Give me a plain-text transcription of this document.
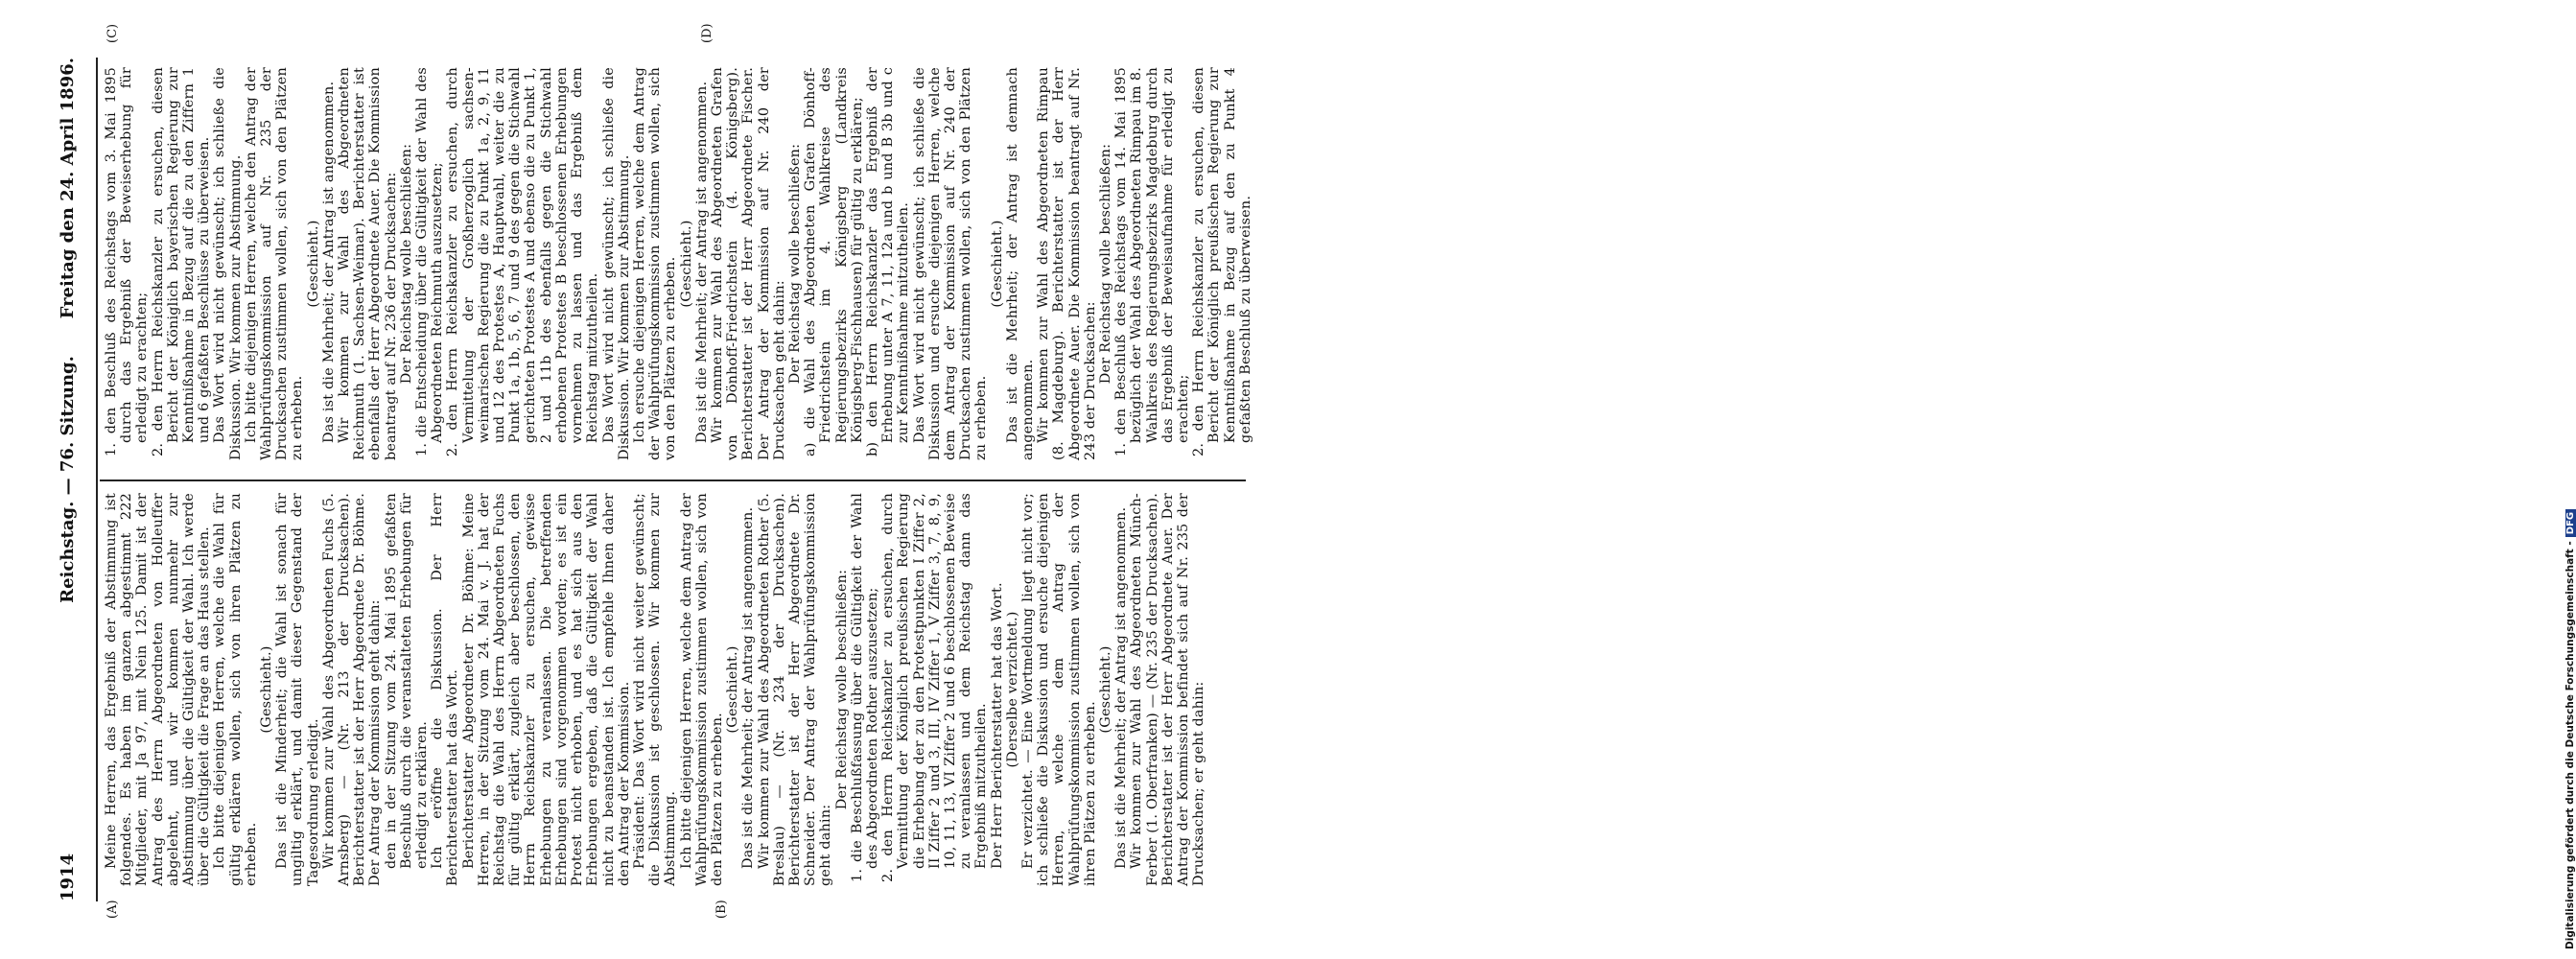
1914
Reichstag. — 76. Sitzung.
Freitag den 24. April 1896.
(A)	(B)
(C)	(D)

Meine Herren, das Ergebniß der Abstimmung ist folgendes. Es haben im ganzen abgestimmt 222 Mitglieder, mit Ja 97, mit Nein 125. Damit ist der Antrag des Herrn Abgeordneten von Holleuffer abgelehnt, und wir kommen nunmehr zur Abstimmung über die Gültigkeit der Wahl. Ich werde über die Gültigkeit die Frage an das Haus stellen. Ich bitte diejenigen Herren, welche die Wahl für gültig erklären wollen, sich von ihren Plätzen zu erheben.

(Geschieht.) Das ist die Minderheit; die Wahl ist sonach für ungiltig erklärt, und damit dieser Gegenstand der Tagesordnung erledigt. Wir kommen zur Wahl des Abgeordneten Fuchs (5. Arnsberg) — (Nr. 213 der Drucksachen). Berichterstatter ist der Herr Abgeordnete Dr. Böhme. Der Antrag der Kommission geht dahin: den in der Sitzung vom 24. Mai 1895 gefaßten Beschluß durch die veranstalteten Erhebungen für erledigt zu erklären. Ich eröffne die Diskussion. Der Herr Berichterstatter hat das Wort. Berichterstatter Abgeordneter Dr. Böhme: Meine Herren, in der Sitzung vom 24. Mai v. J. hat der Reichstag die Wahl des Herrn Abgeordneten Fuchs für gültig erklärt, zugleich aber beschlossen, den Herrn Reichskanzler zu ersuchen, gewisse Erhebungen zu veranlassen. Die betreffenden Erhebungen sind vorgenommen worden; es ist ein Protest nicht erhoben, und es hat sich aus den Erhebungen ergeben, daß die Gültigkeit der Wahl nicht zu beanstanden ist. Ich empfehle Ihnen daher den Antrag der Kommission. Präsident: Das Wort wird nicht weiter gewünscht; die Diskussion ist geschlossen. Wir kommen zur Abstimmung. Ich bitte diejenigen Herren, welche dem Antrag der Wahlprüfungskommission zustimmen wollen, sich von den Plätzen zu erheben.

(Geschieht.) Das ist die Mehrheit; der Antrag ist angenommen. Wir kommen zur Wahl des Abgeordneten Rother (5. Breslau) — (Nr. 234 der Drucksachen). Berichterstatter ist der Herr Abgeordnete Dr. Schneider. Der Antrag der Wahlprüfungskommission geht dahin:

Der Reichstag wolle beschließen: 1. die Beschlußfassung über die Gültigkeit der Wahl des Abgeordneten Rother auszusetzen; 2. den Herrn Reichskanzler zu ersuchen, durch Vermittlung der Königlich preußischen Regierung die Erhebung der zu den Protestpunkten I Ziffer 2, II Ziffer 2 und 3, III, IV Ziffer 1, V Ziffer 3, 7, 8, 9, 10, 11, 13, VI Ziffer 2 und 6 beschlossenen Beweise zu veranlassen und dem Reichstag dann das Ergebniß mitzutheilen. Der Herr Berichterstatter hat das Wort. (Derselbe verzichtet.) Er verzichtet. — Eine Wortmeldung liegt nicht vor; ich schließe die Diskussion und ersuche diejenigen Herren, welche dem Antrag der Wahlprüfungskommission zustimmen wollen, sich von ihren Plätzen zu erheben.

(Geschieht.) Das ist die Mehrheit; der Antrag ist angenommen. Wir kommen zur Wahl des Abgeordneten Münch-Ferber (1. Oberfranken) — (Nr. 235 der Drucksachen). Berichterstatter ist der Herr Abgeordnete Auer. Der Antrag der Kommission befindet sich auf Nr. 235 der Drucksachen; er geht dahin:

1. den Beschluß des Reichstags vom 3. Mai 1895 durch das Ergebniß der Beweiserhebung für erledigt zu erachten; 2. den Herrn Reichskanzler zu ersuchen, diesen Bericht der Königlich bayerischen Regierung zur Kenntnißnahme in Bezug auf die zu den Ziffern 1 und 6 gefaßten Beschlüsse zu überweisen. Das Wort wird nicht gewünscht; ich schließe die Diskussion. Wir kommen zur Abstimmung. Ich bitte diejenigen Herren, welche den Antrag der Wahlprüfungskommission auf Nr. 235 der Drucksachen zustimmen wollen, sich von den Plätzen zu erheben.

(Geschieht.) Das ist die Mehrheit; der Antrag ist angenommen. Wir kommen zur Wahl des Abgeordneten Reichmuth (1. Sachsen-Weimar). Berichterstatter ist ebenfalls der Herr Abgeordnete Auer. Die Kommission beantragt auf Nr. 236 der Drucksachen: Der Reichstag wolle beschließen: 1. die Entscheidung über die Gültigkeit der Wahl des Abgeordneten Reichmuth auszusetzen; 2. den Herrn Reichskanzler zu ersuchen, durch Vermittelung der Großherzoglich sachsen-weimarischen Regierung die zu Punkt 1a, 2, 9, 11 und 12 des Protestes A, Hauptwahl, weiter die zu Punkt 1a, 1b, 5, 6, 7 und 9 des gegen die Stichwahl gerichteten Protestes A und ebenso die zu Punkt 1, 2 und 11b des ebenfalls gegen die Stichwahl erhobenen Protestes B beschlossenen Erhebungen vornehmen zu lassen und das Ergebniß dem Reichstag mitzutheilen. Das Wort wird nicht gewünscht; ich schließe die Diskussion. Wir kommen zur Abstimmung. Ich ersuche diejenigen Herren, welche dem Antrag der Wahlprüfungskommission zustimmen wollen, sich von den Plätzen zu erheben. (Geschieht.) Das ist die Mehrheit; der Antrag ist angenommen. Wir kommen zur Wahl des Abgeordneten Grafen von Dönhoff-Friedrichstein (4. Königsberg). Berichterstatter ist der Herr Abgeordnete Fischer. Der Antrag der Kommission auf Nr. 240 der Drucksachen geht dahin: Der Reichstag wolle beschließen: a) die Wahl des Abgeordneten Grafen Dönhoff-Friedrichstein im 4. Wahlkreise des Regierungsbezirks Königsberg (Landkreis Königsberg-Fischhausen) für gültig zu erklären; b) den Herrn Reichskanzler das Ergebniß der Erhebung unter A 7, 11, 12a und b und B 3b und c zur Kenntnißnahme mitzutheilen. Das Wort wird nicht gewünscht; ich schließe die Diskussion und ersuche diejenigen Herren, welche dem Antrag der Kommission auf Nr. 240 der Drucksachen zustimmen wollen, sich von den Plätzen zu erheben.

(Geschieht.) Das ist die Mehrheit; der Antrag ist demnach angenommen. Wir kommen zur Wahl des Abgeordneten Rimpau (8. Magdeburg). Berichterstatter ist der Herr Abgeordnete Auer. Die Kommission beantragt auf Nr. 243 der Drucksachen: Der Reichstag wolle beschließen: 1. den Beschluß des Reichstags vom 14. Mai 1895 bezüglich der Wahl des Abgeordneten Rimpau im 8. Wahlkreis des Regierungsbezirks Magdeburg durch das Ergebniß der Beweisaufnahme für erledigt zu erachten; 2. den Herrn Reichskanzler zu ersuchen, diesen Bericht der Königlich preußischen Regierung zur Kenntnißnahme in Bezug auf den zu Punkt 4 gefaßten Beschluß zu überweisen.

Digitalisierung gefördert durch die Deutsche Forschungsgemeinschaft -DFG
